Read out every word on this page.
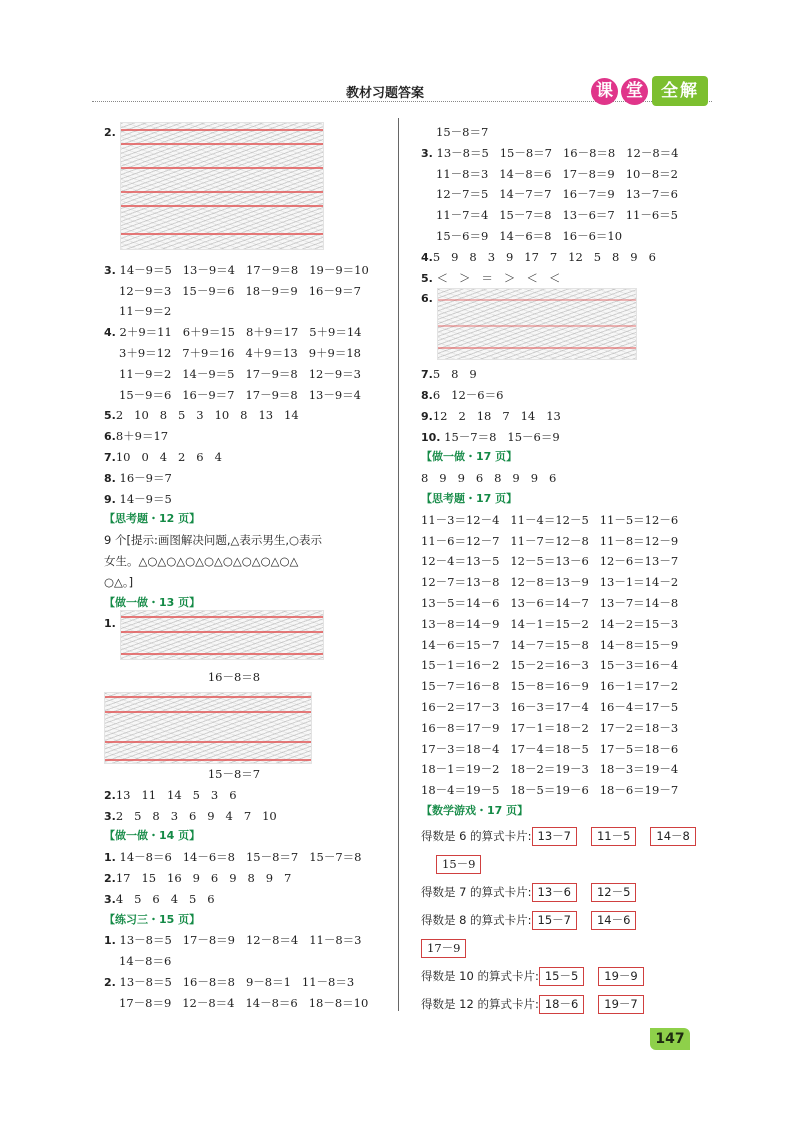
教材习题答案	课 堂	全解
2.
3. 14－9＝5   13－9＝4   17－9＝8   19－9＝10
12－9＝3   15－9＝6   18－9＝9   16－9＝7
11－9＝2
4. 2＋9＝11   6＋9＝15   8＋9＝17   5＋9＝14
3＋9＝12   7＋9＝16   4＋9＝13   9＋9＝18
11－9＝2   14－9＝5   17－9＝8   12－9＝3
15－9＝6   16－9＝7   17－9＝8   13－9＝4
5.2   10   8   5   3   10   8   13   14
6.8＋9＝17
7.10   0   4   2   6   4
8. 16－9＝7
9. 14－9＝5
【思考题・12 页】
9 个[提示:画图解决问题,△表示男生,○表示
女生。△○△○△○△○△○△○△○△○△
○△。]
【做一做・13 页】
1.
16－8＝8
15－8＝7
2.13   11   14   5   3   6
3.2   5   8   3   6   9   4   7   10
【做一做・14 页】
1. 14－8＝6   14－6＝8   15－8＝7   15－7＝8
2.17   15   16   9   6   9   8   9   7
3.4   5   6   4   5   6
【练习三・15 页】
1. 13－8＝5   17－8＝9   12－8＝4   11－8＝3
14－8＝6
2. 13－8＝5   16－8＝8   9－8＝1   11－8＝3
17－8＝9   12－8＝4   14－8＝6   18－8＝10
15－8＝7
3. 13－8＝5   15－8＝7   16－8＝8   12－8＝4
11－8＝3   14－8＝6   17－8＝9   10－8＝2
12－7＝5   14－7＝7   16－7＝9   13－7＝6
11－7＝4   15－7＝8   13－6＝7   11－6＝5
15－6＝9   14－6＝8   16－6＝10
4.5   9   8   3   9   17   7   12   5   8   9   6
5. ＜   ＞   ＝   ＞   ＜   ＜
6.
7.5   8   9
8.6   12－6＝6
9.12   2   18   7   14   13
10. 15－7＝8   15－6＝9
【做一做・17 页】
8   9   9   6   8   9   9   6
【思考题・17 页】
11－3＝12－4   11－4＝12－5   11－5＝12－6
11－6＝12－7   11－7＝12－8   11－8＝12－9
12－4＝13－5   12－5＝13－6   12－6＝13－7
12－7＝13－8   12－8＝13－9   13－1＝14－2
13－5＝14－6   13－6＝14－7   13－7＝14－8
13－8＝14－9   14－1＝15－2   14－2＝15－3
14－6＝15－7   14－7＝15－8   14－8＝15－9
15－1＝16－2   15－2＝16－3   15－3＝16－4
15－7＝16－8   15－8＝16－9   16－1＝17－2
16－2＝17－3   16－3＝17－4   16－4＝17－5
16－8＝17－9   17－1＝18－2   17－2＝18－3
17－3＝18－4   17－4＝18－5   17－5＝18－6
18－1＝19－2   18－2＝19－3   18－3＝19－4
18－4＝19－5   18－5＝19－6   18－6＝19－7
【数学游戏・17 页】
得数是 6 的算式卡片: 13－7 11－5 14－8
15－9
得数是 7 的算式卡片: 13－6 12－5
得数是 8 的算式卡片: 15－7 14－6
17－9
得数是 10 的算式卡片: 15－5 19－9
得数是 12 的算式卡片: 18－6 19－7
147
